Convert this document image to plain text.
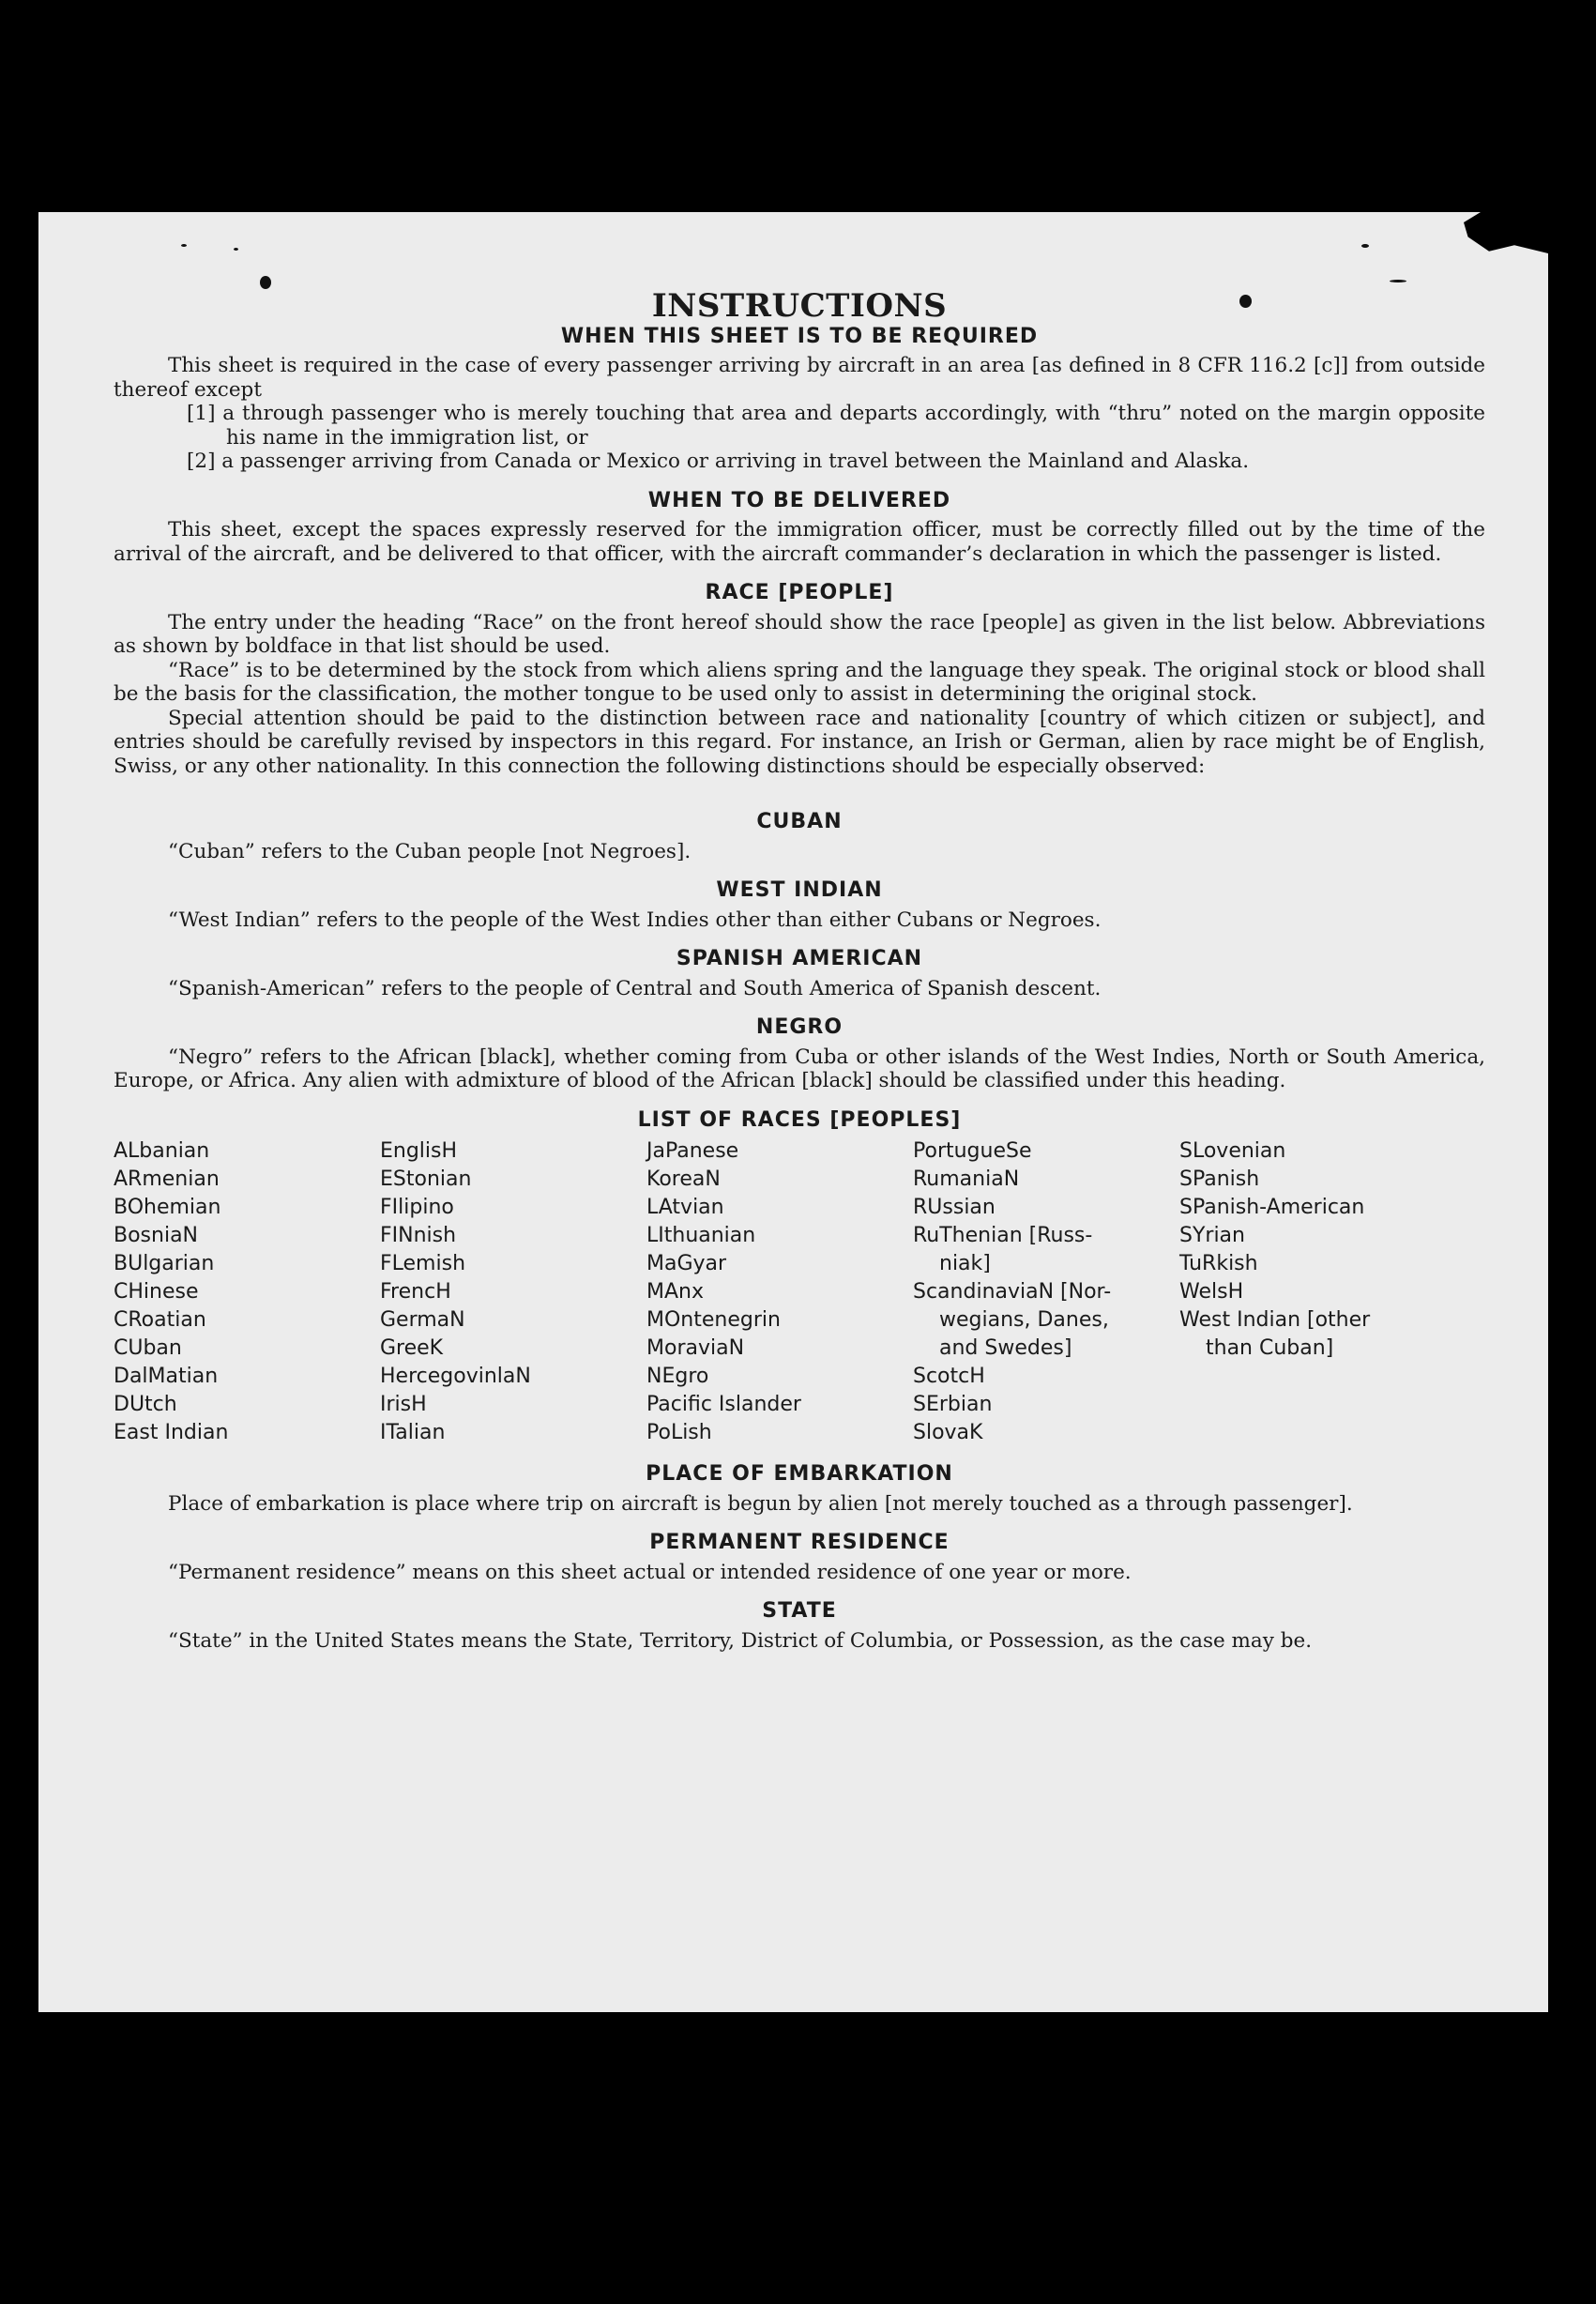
INSTRUCTIONS
WHEN THIS SHEET IS TO BE REQUIRED

This sheet is required in the case of every passenger arriving by aircraft in an area [as defined in 8 CFR 116.2 [c]] from outside thereof except

[1] a through passenger who is merely touching that area and departs accordingly, with “thru” noted on the margin opposite his name in the immigration list, or
[2] a passenger arriving from Canada or Mexico or arriving in travel between the Mainland and Alaska.
WHEN TO BE DELIVERED

This sheet, except the spaces expressly reserved for the immigration officer, must be correctly filled out by the time of the arrival of the aircraft, and be delivered to that officer, with the aircraft commander’s declaration in which the passenger is listed.

RACE [PEOPLE]

The entry under the heading “Race” on the front hereof should show the race [people] as given in the list below. Abbreviations as shown by boldface in that list should be used.

“Race” is to be determined by the stock from which aliens spring and the language they speak. The original stock or blood shall be the basis for the classification, the mother tongue to be used only to assist in determining the original stock.

Special attention should be paid to the distinction between race and nationality [country of which citizen or subject], and entries should be carefully revised by inspectors in this regard. For instance, an Irish or German, alien by race might be of English, Swiss, or any other nationality. In this connection the following distinctions should be especially observed:

CUBAN

“Cuban” refers to the Cuban people [not Negroes].

WEST INDIAN

“West Indian” refers to the people of the West Indies other than either Cubans or Negroes.

SPANISH AMERICAN

“Spanish-American” refers to the people of Central and South America of Spanish descent.

NEGRO

“Negro” refers to the African [black], whether coming from Cuba or other islands of the West Indies, North or South America, Europe, or Africa. Any alien with admixture of blood of the African [black] should be classified under this heading.

LIST OF RACES [PEOPLES]
ALbanian
ARmenian
BOhemian
BosniaN
BUlgarian
CHinese
CRoatian
CUban
DalMatian
DUtch
East Indian
EnglisH
EStonian
FIlipino
FINnish
FLemish
FrencH
GermaN
GreeK
HercegovinlaN
IrisH
ITalian
JaPanese
KoreaN
LAtvian
LIthuanian
MaGyar
MAnx
MOntenegrin
MoraviaN
NEgro
Pacific Islander
PoLish
PortugueSe
RumaniaN
RUssian
RuThenian [Russ-
niak]
ScandinaviaN [Nor-
wegians, Danes,
and Swedes]
ScotcH
SErbian
SlovaK
SLovenian
SPanish
SPanish-American
SYrian
TuRkish
WelsH
West Indian [other
than Cuban]
PLACE OF EMBARKATION

Place of embarkation is place where trip on aircraft is begun by alien [not merely touched as a through passenger].

PERMANENT RESIDENCE

“Permanent residence” means on this sheet actual or intended residence of one year or more.

STATE

“State” in the United States means the State, Territory, District of Columbia, or Possession, as the case may be.
